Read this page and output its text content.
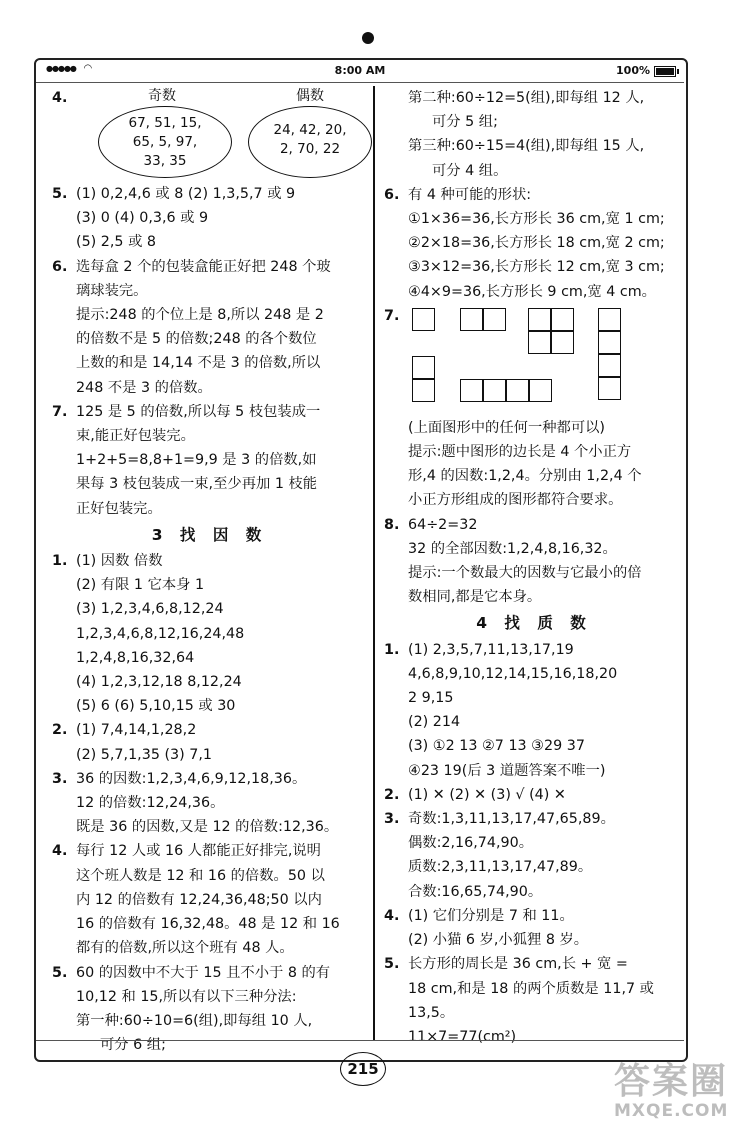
●●●●● ◠	8:00 AM	100%
4.	奇数	偶数
67, 51, 15,
65, 5, 97,
33, 35
24, 42, 20,
2, 70, 22
5. (1) 0,2,4,6 或 8 (2) 1,3,5,7 或 9
(3) 0 (4) 0,3,6 或 9
(5) 2,5 或 8
6. 选每盒 2 个的包装盒能正好把 248 个玻
璃球装完。
提示:248 的个位上是 8,所以 248 是 2
的倍数不是 5 的倍数;248 的各个数位
上数的和是 14,14 不是 3 的倍数,所以
248 不是 3 的倍数。
7. 125 是 5 的倍数,所以每 5 枝包装成一
束,能正好包装完。
1+2+5=8,8+1=9,9 是 3 的倍数,如
果每 3 枝包装成一束,至少再加 1 枝能
正好包装完。
3 找 因 数
1. (1) 因数 倍数
(2) 有限 1 它本身 1
(3) 1,2,3,4,6,8,12,24
1,2,3,4,6,8,12,16,24,48
1,2,4,8,16,32,64
(4) 1,2,3,12,18 8,12,24
(5) 6 (6) 5,10,15 或 30
2. (1) 7,4,14,1,28,2
(2) 5,7,1,35 (3) 7,1
3. 36 的因数:1,2,3,4,6,9,12,18,36。
12 的倍数:12,24,36。
既是 36 的因数,又是 12 的倍数:12,36。
4. 每行 12 人或 16 人都能正好排完,说明
这个班人数是 12 和 16 的倍数。50 以
内 12 的倍数有 12,24,36,48;50 以内
16 的倍数有 16,32,48。48 是 12 和 16
都有的倍数,所以这个班有 48 人。
5. 60 的因数中不大于 15 且不小于 8 的有
10,12 和 15,所以有以下三种分法:
第一种:60÷10=6(组),即每组 10 人,
可分 6 组;
第二种:60÷12=5(组),即每组 12 人,
可分 5 组;
第三种:60÷15=4(组),即每组 15 人,
可分 4 组。
6. 有 4 种可能的形状:
①1×36=36,长方形长 36 cm,宽 1 cm;
②2×18=36,长方形长 18 cm,宽 2 cm;
③3×12=36,长方形长 12 cm,宽 3 cm;
④4×9=36,长方形长 9 cm,宽 4 cm。
7.
(上面图形中的任何一种都可以)
提示:题中图形的边长是 4 个小正方
形,4 的因数:1,2,4。分别由 1,2,4 个
小正方形组成的图形都符合要求。
8. 64÷2=32
32 的全部因数:1,2,4,8,16,32。
提示:一个数最大的因数与它最小的倍
数相同,都是它本身。
4 找 质 数
1. (1) 2,3,5,7,11,13,17,19
4,6,8,9,10,12,14,15,16,18,20
2 9,15
(2) 214
(3) ①2 13 ②7 13 ③29 37
④23 19(后 3 道题答案不唯一)
2. (1) ✕ (2) ✕ (3) √ (4) ✕
3. 奇数:1,3,11,13,17,47,65,89。
偶数:2,16,74,90。
质数:2,3,11,13,17,47,89。
合数:16,65,74,90。
4. (1) 它们分别是 7 和 11。
(2) 小猫 6 岁,小狐狸 8 岁。
5. 长方形的周长是 36 cm,长 + 宽 =
18 cm,和是 18 的两个质数是 11,7 或
13,5。
11×7=77(cm²)
215	答案圈
MXQE.COM
